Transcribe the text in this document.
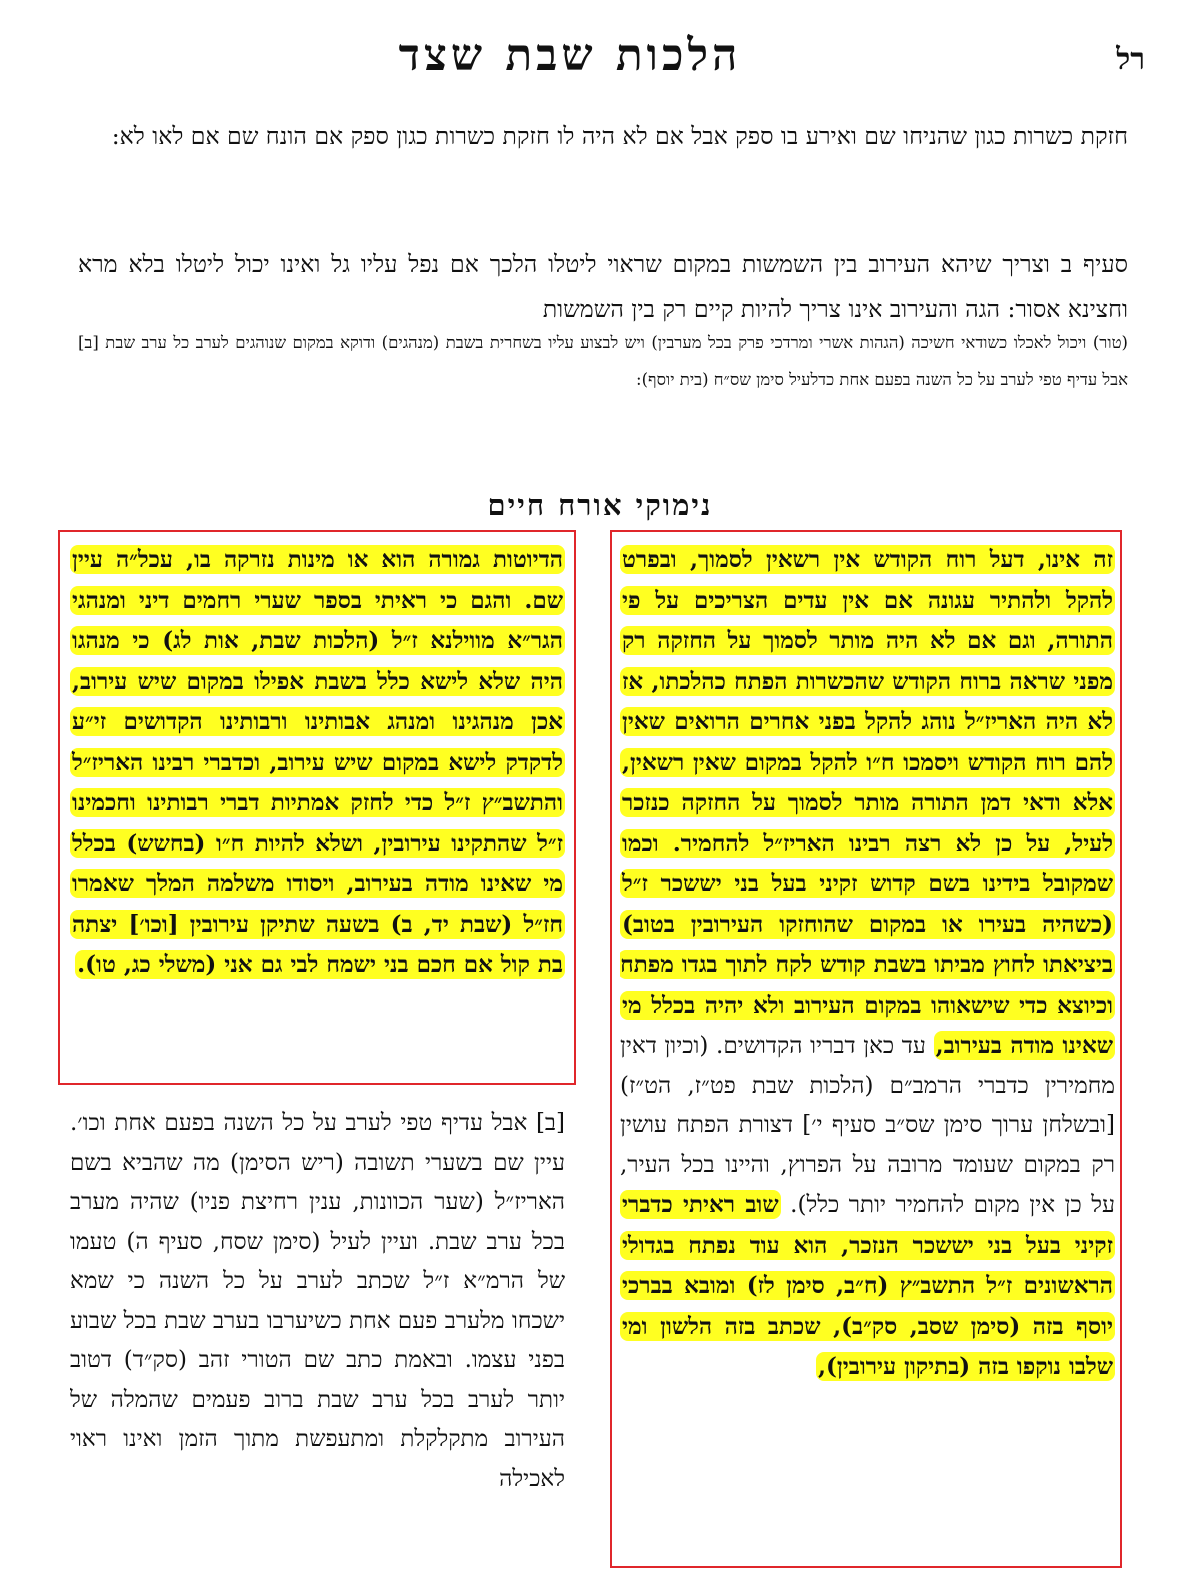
רל
הלכות שבת שצד
חזקת כשרות כגון שהניחו שם ואירע בו ספק אבל אם לא היה לו חזקת כשרות כגון ספק אם הונח שם אם לאו לא:
סעיף ב וצריך שיהא העירוב בין השמשות במקום שראוי ליטלו הלכך אם נפל עליו גל ואינו יכול ליטלו בלא מרא וחצינא אסור: הגה והעירוב אינו צריך להיות קיים רק בין השמשות
(טור) ויכול לאכלו כשודאי חשיכה (הגהות אשרי ומרדכי פרק בכל מערבין) ויש לבצוע עליו בשחרית בשבת (מנהגים) ודוקא במקום שנוהגים לערב כל ערב שבת [ב] אבל עדיף טפי לערב על כל השנה בפעם אחת כדלעיל סימן שס״ח (בית יוסף):
נימוקי אורח חיים
זה אינו, דעל רוח הקודש אין רשאין לסמוך, ובפרט להקל ולהתיר עגונה אם אין עדים הצריכים על פי התורה, וגם אם לא היה מותר לסמוך על החזקה רק מפני שראה ברוח הקודש שהכשרות הפתח כהלכתו, אז לא היה האריז״ל נוהג להקל בפני אחרים הרואים שאין להם רוח הקודש ויסמכו ח״ו להקל במקום שאין רשאין, אלא ודאי דמן התורה מותר לסמוך על החזקה כנזכר לעיל, על כן לא רצה רבינו האריז״ל להחמיר. וכמו שמקובל בידינו בשם קדוש זקיני בעל בני יששכר ז״ל (כשהיה בעירו או במקום שהוחזקו העירובין בטוב) ביציאתו לחוץ מביתו בשבת קודש לקח לתוך בגדו מפתח וכיוצא כדי שישאוהו במקום העירוב ולא יהיה בכלל מי שאינו מודה בעירוב, עד כאן דבריו הקדושים. (וכיון דאין מחמירין כדברי הרמב״ם (הלכות שבת פט״ז, הט״ז) [ובשלחן ערוך סימן שס״ב סעיף י׳] דצורת הפתח עושין רק במקום שעומד מרובה על הפרוץ, והיינו בכל העיר, על כן אין מקום להחמיר יותר כלל). שוב ראיתי כדברי זקיני בעל בני יששכר הנזכר, הוא עוד נפתח בגדולי הראשונים ז״ל התשב״ץ (ח״ב, סימן לז) ומובא בברכי יוסף בזה (סימן שסב, סק״ב), שכתב בזה הלשון ומי שלבו נוקפו בזה (בתיקון עירובין),
הדיוטות גמורה הוא או מינות נזרקה בו, עכל״ה עיין שם. והגם כי ראיתי בספר שערי רחמים דיני ומנהגי הגר״א מווילנא ז״ל (הלכות שבת, אות לג) כי מנהגו היה שלא לישא כלל בשבת אפילו במקום שיש עירוב, אכן מנהגינו ומנהג אבותינו ורבותינו הקדושים זי״ע לדקדק לישא במקום שיש עירוב, וכדברי רבינו האריז״ל והתשב״ץ ז״ל כדי לחזק אמתיות דברי רבותינו וחכמינו ז״ל שהתקינו עירובין, ושלא להיות ח״ו (בחשש) בכלל מי שאינו מודה בעירוב, ויסודו משלמה המלך שאמרו חז״ל (שבת יד, ב) בשעה שתיקן עירובין [וכו׳] יצתה בת קול אם חכם בני ישמח לבי גם אני (משלי כג, טו).
[ב] אבל עדיף טפי לערב על כל השנה בפעם אחת וכו׳. עיין שם בשערי תשובה (ריש הסימן) מה שהביא בשם האריז״ל (שער הכוונות, ענין רחיצת פניו) שהיה מערב בכל ערב שבת. ועיין לעיל (סימן שסח, סעיף ה) טעמו של הרמ״א ז״ל שכתב לערב על כל השנה כי שמא ישכחו מלערב פעם אחת כשיערבו בערב שבת בכל שבוע בפני עצמו. ובאמת כתב שם הטורי זהב (סק״ד) דטוב יותר לערב בכל ערב שבת ברוב פעמים שהמלה של העירוב מתקלקלת ומתעפשת מתוך הזמן ואינו ראוי לאכילה
